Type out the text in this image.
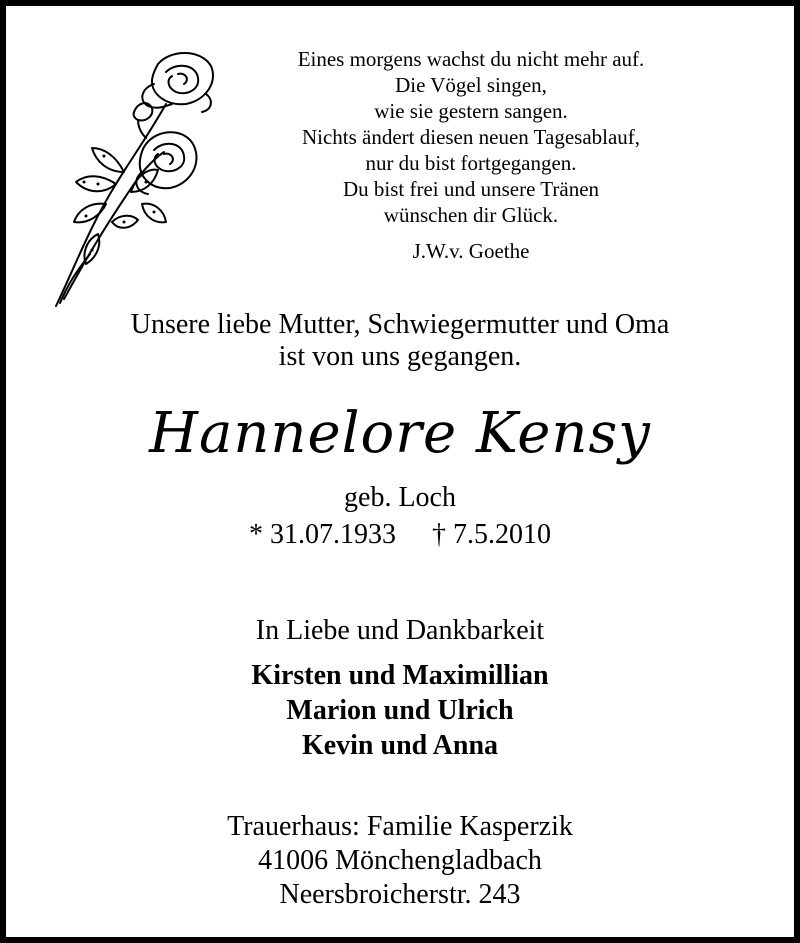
Eines morgens wachst du nicht mehr auf.
Die Vögel singen,
wie sie gestern sangen.
Nichts ändert diesen neuen Tagesablauf,
nur du bist fortgegangen.
Du bist frei und unsere Tränen
wünschen dir Glück.
J.W.v. Goethe
Unsere liebe Mutter, Schwiegermutter und Oma
ist von uns gegangen.
Hannelore Kensy
geb. Loch
* 31.07.1933 † 7.5.2010
In Liebe und Dankbarkeit
Kirsten und Maximillian
Marion und Ulrich
Kevin und Anna
Trauerhaus: Familie Kasperzik
41006 Mönchengladbach
Neersbroicherstr. 243
